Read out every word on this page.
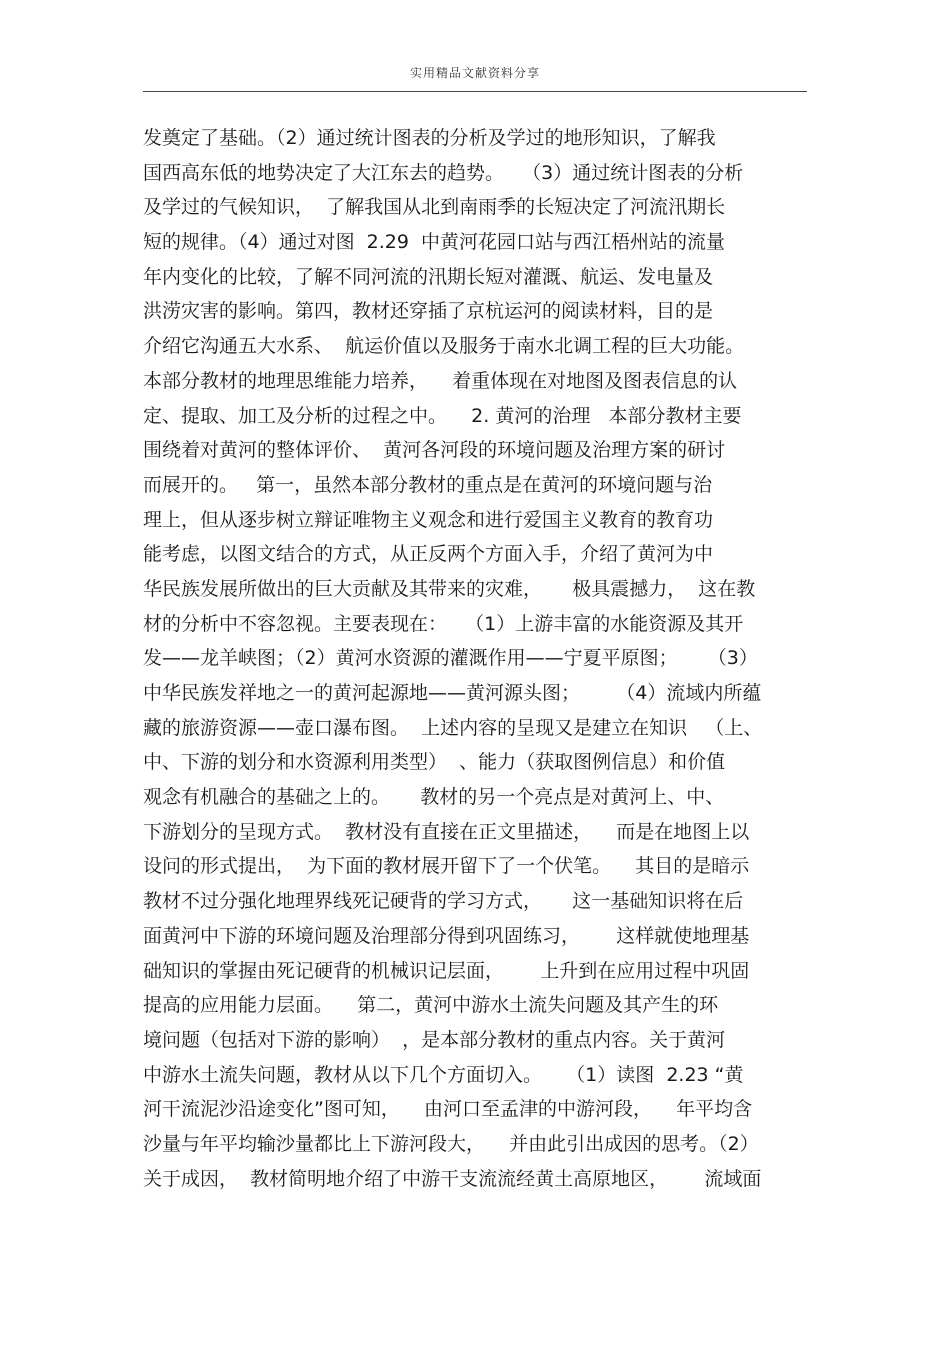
实用精品文献资料分享
发奠定了基础。（2）通过统计图表的分析及学过的地形知识，了解我
国西高东低的地势决定了大江东去的趋势。   （3）通过统计图表的分析
及学过的气候知识，  了解我国从北到南雨季的长短决定了河流汛期长
短的规律。（4）通过对图  2.29  中黄河花园口站与西江梧州站的流量
年内变化的比较，了解不同河流的汛期长短对灌溉、航运、发电量及
洪涝灾害的影响。第四，教材还穿插了京杭运河的阅读材料，目的是
介绍它沟通五大水系、  航运价值以及服务于南水北调工程的巨大功能。
本部分教材的地理思维能力培养，    着重体现在对地图及图表信息的认
定、提取、加工及分析的过程之中。    2. 黄河的治理   本部分教材主要
围绕着对黄河的整体评价、  黄河各河段的环境问题及治理方案的研讨
而展开的。   第一，虽然本部分教材的重点是在黄河的环境问题与治
理上，但从逐步树立辩证唯物主义观念和进行爱国主义教育的教育功
能考虑，以图文结合的方式，从正反两个方面入手，介绍了黄河为中
华民族发展所做出的巨大贡献及其带来的灾难，     极具震撼力，  这在教
材的分析中不容忽视。主要表现在：   （1）上游丰富的水能资源及其开
发——龙羊峡图；（2）黄河水资源的灌溉作用——宁夏平原图；     （3）
中华民族发祥地之一的黄河起源地——黄河源头图；      （4）流域内所蕴
藏的旅游资源——壶口瀑布图。  上述内容的呈现又是建立在知识   （上、
中、下游的划分和水资源利用类型）  、能力（获取图例信息）和价值
观念有机融合的基础之上的。     教材的另一个亮点是对黄河上、中、
下游划分的呈现方式。  教材没有直接在正文里描述，    而是在地图上以
设问的形式提出，  为下面的教材展开留下了一个伏笔。    其目的是暗示
教材不过分强化地理界线死记硬背的学习方式，     这一基础知识将在后
面黄河中下游的环境问题及治理部分得到巩固练习，      这样就使地理基
础知识的掌握由死记硬背的机械识记层面，      上升到在应用过程中巩固
提高的应用能力层面。    第二，黄河中游水土流失问题及其产生的环
境问题（包括对下游的影响）  ，是本部分教材的重点内容。关于黄河
中游水土流失问题，教材从以下几个方面切入。    （1）读图  2.23 “黄
河干流泥沙沿途变化”图可知，    由河口至孟津的中游河段，    年平均含
沙量与年平均输沙量都比上下游河段大，    并由此引出成因的思考。（2）
关于成因，  教材简明地介绍了中游干支流流经黄土高原地区，      流域面
